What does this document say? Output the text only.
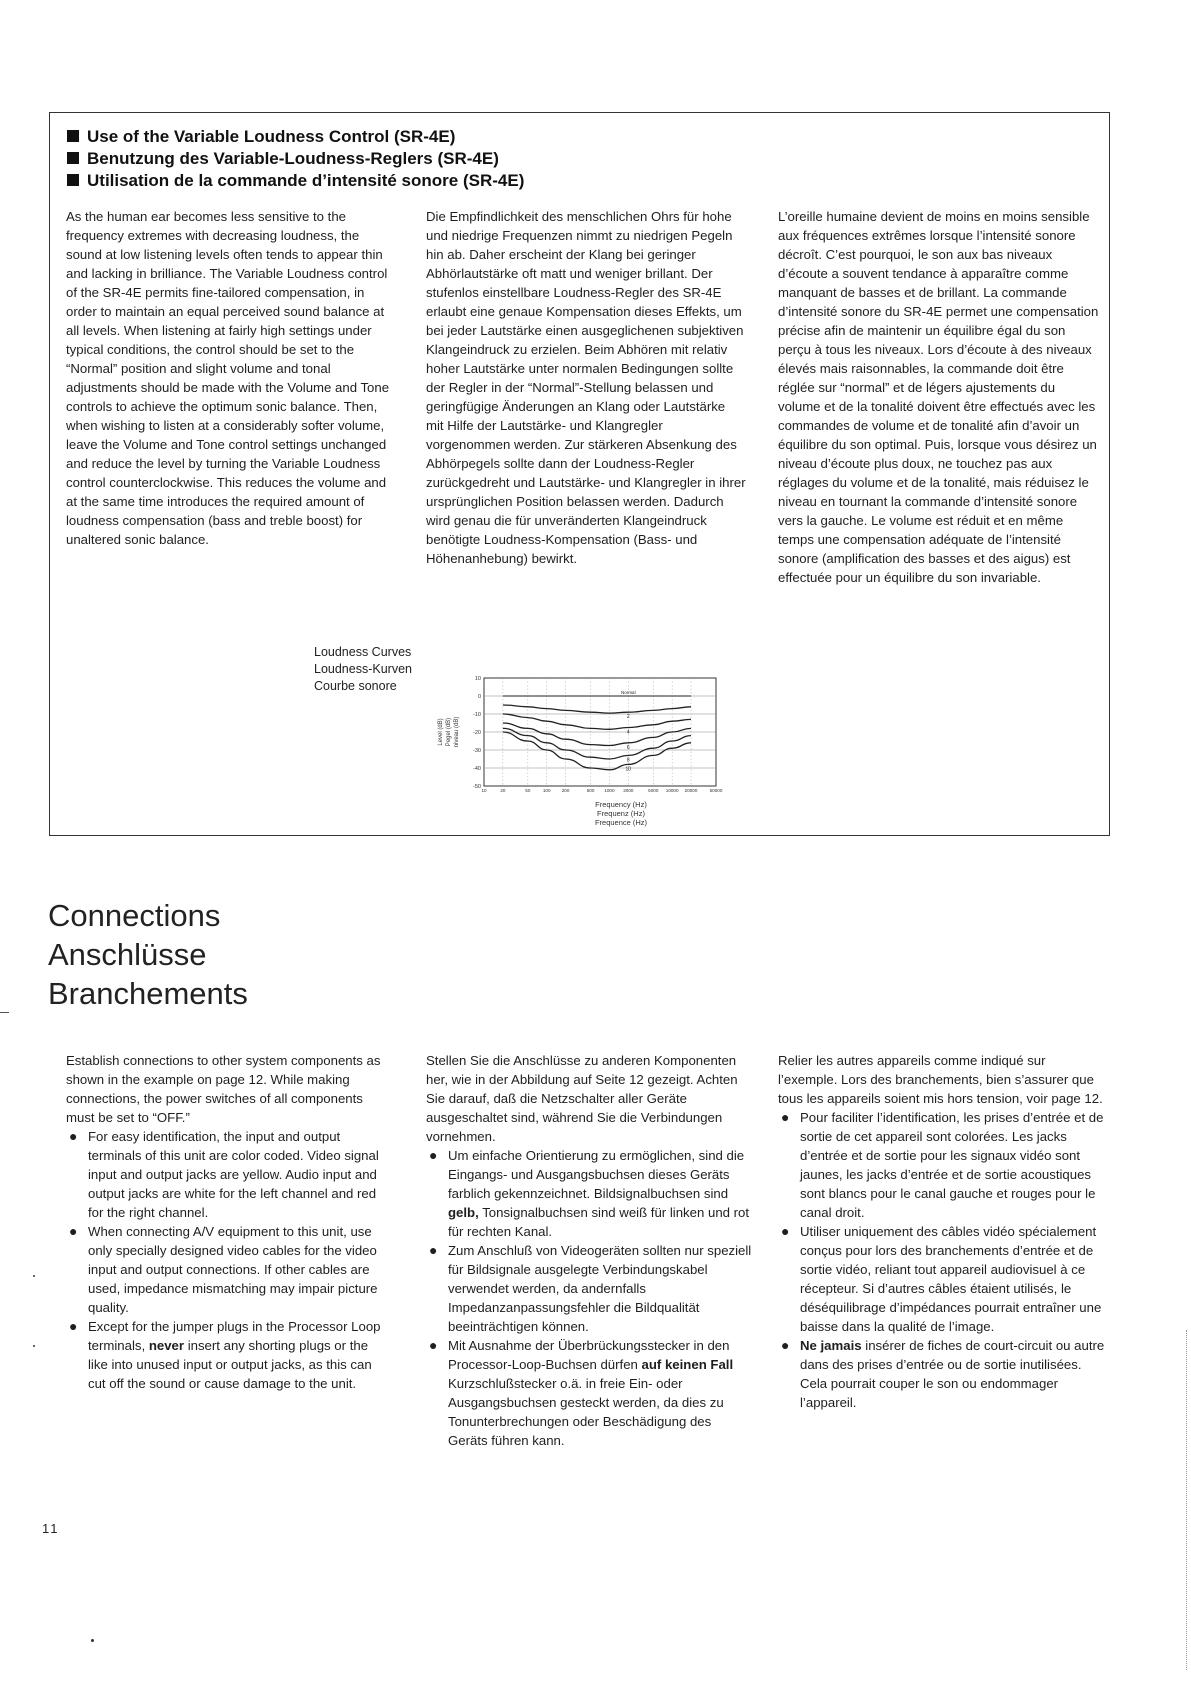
Use of the Variable Loudness Control (SR-4E)
Benutzung des Variable-Loudness-Reglers (SR-4E)
Utilisation de la commande d’intensité sonore (SR-4E)

As the human ear becomes less sensitive to the frequency extremes with decreasing loudness, the sound at low listening levels often tends to appear thin and lacking in brilliance. The Variable Loudness control of the SR-4E permits fine-tailored compensation, in order to maintain an equal perceived sound balance at all levels. When listening at fairly high settings under typical conditions, the control should be set to the “Normal” position and slight volume and tonal adjustments should be made with the Volume and Tone controls to achieve the optimum sonic balance. Then, when wishing to listen at a considerably softer volume, leave the Volume and Tone control settings unchanged and reduce the level by turning the Variable Loudness control counterclockwise. This reduces the volume and at the same time introduces the required amount of loudness compensation (bass and treble boost) for unaltered sonic balance.

Die Empfindlichkeit des menschlichen Ohrs für hohe und niedrige Frequenzen nimmt zu niedrigen Pegeln hin ab. Daher erscheint der Klang bei geringer Abhörlautstärke oft matt und weniger brillant. Der stufenlos einstellbare Loudness-Regler des SR-4E erlaubt eine genaue Kompensation dieses Effekts, um bei jeder Lautstärke einen ausgeglichenen subjektiven Klangeindruck zu erzielen. Beim Abhören mit relativ hoher Lautstärke unter normalen Bedingungen sollte der Regler in der “Normal”-Stellung belassen und geringfügige Änderungen an Klang oder Lautstärke mit Hilfe der Lautstärke- und Klangregler vorgenommen werden. Zur stärkeren Absenkung des Abhörpegels sollte dann der Loudness-Regler zurückgedreht und Lautstärke- und Klangregler in ihrer ursprünglichen Position belassen werden. Dadurch wird genau die für unveränderten Klangeindruck benötigte Loudness-Kompensation (Bass- und Höhenanhebung) bewirkt.

L’oreille humaine devient de moins en moins sensible aux fréquences extrêmes lorsque l’intensité sonore décroît. C’est pourquoi, le son aux bas niveaux d’écoute a souvent tendance à apparaître comme manquant de basses et de brillant. La commande d’intensité sonore du SR-4E permet une compensation précise afin de maintenir un équilibre égal du son perçu à tous les niveaux. Lors d’écoute à des niveaux élevés mais raisonnables, la commande doit être réglée sur “normal” et de légers ajustements du volume et de la tonalité doivent être effectués avec les commandes de volume et de tonalité afin d’avoir un équilibre du son optimal. Puis, lorsque vous désirez un niveau d’écoute plus doux, ne touchez pas aux réglages du volume et de la tonalité, mais réduisez le niveau en tournant la commande d’intensité sonore vers la gauche. Le volume est réduit et en même temps une compensation adéquate de l’intensité sonore (amplification des basses et des aigus) est effectuée pour un équilibre du son invariable.

Loudness Curves
Loudness-Kurven
Courbe sonore	10
0
-10
-20
-30
-40
-50
10	20	50	100 200	500 1000 2000	5000 10000 20000	50000
Level (dB) Pegel (dB) niveau (dB)
Normal
2
4
6
8
10
Frequency (Hz)
Frequenz (Hz)
Frequence (Hz)
Connections
Anschlüsse
Branchements

Establish connections to other system components as shown in the example on page 12. While making connections, the power switches of all components must be set to “OFF.”

● For easy identification, the input and output terminals of this unit are color coded. Video signal input and output jacks are yellow. Audio input and output jacks are white for the left channel and red for the right channel.
● When connecting A/V equipment to this unit, use only specially designed video cables for the video input and output connections. If other cables are used, impedance mismatching may impair picture quality.
● Except for the jumper plugs in the Processor Loop terminals, never insert any shorting plugs or the like into unused input or output jacks, as this can cut off the sound or cause damage to the unit.

Stellen Sie die Anschlüsse zu anderen Komponenten her, wie in der Abbildung auf Seite 12 gezeigt. Achten Sie darauf, daß die Netzschalter aller Geräte ausgeschaltet sind, während Sie die Verbindungen vornehmen.

● Um einfache Orientierung zu ermöglichen, sind die Eingangs- und Ausgangsbuchsen dieses Geräts farblich gekennzeichnet. Bildsignalbuchsen sind gelb, Tonsignalbuchsen sind weiß für linken und rot für rechten Kanal.
● Zum Anschluß von Videogeräten sollten nur speziell für Bildsignale ausgelegte Verbindungskabel verwendet werden, da andernfalls Impedanzanpassungsfehler die Bildqualität beeinträchtigen können.
● Mit Ausnahme der Überbrückungsstecker in den Processor-Loop-Buchsen dürfen auf keinen Fall Kurzschlußstecker o.ä. in freie Ein- oder Ausgangsbuchsen gesteckt werden, da dies zu Tonunterbrechungen oder Beschädigung des Geräts führen kann.

Relier les autres appareils comme indiqué sur l’exemple. Lors des branchements, bien s’assurer que tous les appareils soient mis hors tension, voir page 12.

● Pour faciliter l’identification, les prises d’entrée et de sortie de cet appareil sont colorées. Les jacks d’entrée et de sortie pour les signaux vidéo sont jaunes, les jacks d’entrée et de sortie acoustiques sont blancs pour le canal gauche et rouges pour le canal droit.
● Utiliser uniquement des câbles vidéo spécialement conçus pour lors des branchements d’entrée et de sortie vidéo, reliant tout appareil audiovisuel à ce récepteur. Si d’autres câbles étaient utilisés, le déséquilibrage d’impédances pourrait entraîner une baisse dans la qualité de l’image.
● Ne jamais insérer de fiches de court-circuit ou autre dans des prises d’entrée ou de sortie inutilisées. Cela pourrait couper le son ou endommager l’appareil.
11
